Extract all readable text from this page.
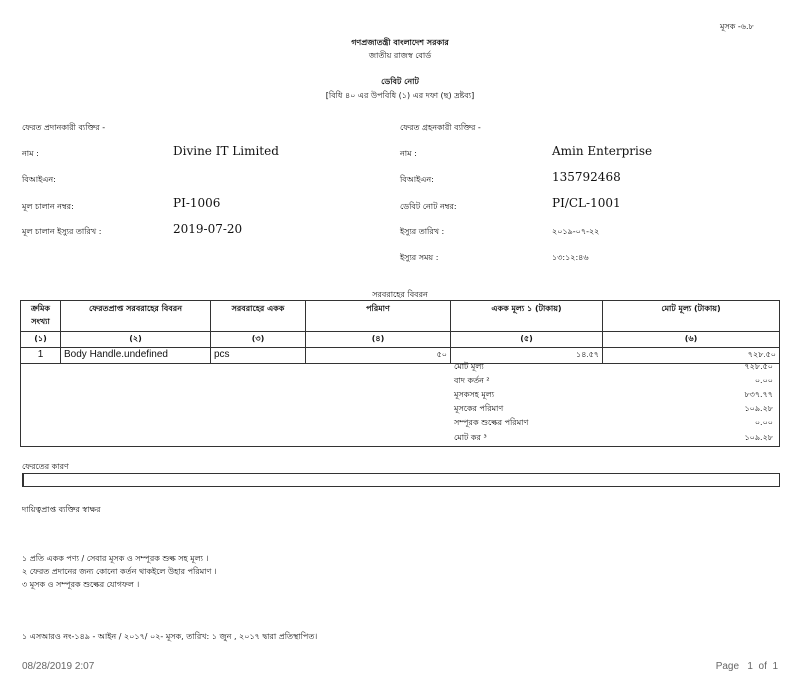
মূসক -৬.৮
গণপ্রজাতন্ত্রী বাংলাদেশ সরকার
জাতীয় রাজস্ব বোর্ড
ডেবিট নোট
[বিধি ৪০ এর উপবিধি (১) এর দফা (ছ) দ্রষ্টব্য]
ফেরত প্রদানকারী ব্যক্তির -
নাম :	Divine IT Limited
বিআইএন:
মূল চালান নম্বর:	PI-1006
মূল চালান ইস্যুর তারিখ :	2019-07-20
ফেরত গ্রহনকারী ব্যক্তির -
নাম :	Amin Enterprise
বিআইএন:	135792468
ডেবিট নোট নম্বর:	PI/CL-1001
ইস্যুর তারিখ :	২০১৯-০৭-২২
ইস্যুর সময় :	১৩:১২:৪৬
সরবরাহের বিবরন
ক্রমিক সংখ্যা	ফেরতপ্রাপ্ত সরবরাহের বিবরন	সরবরাহের একক	পরিমাণ	একক মূল্য ১ (টাকায়)	মোট মূল্য (টাকায়)
(১)	(২)	(৩)	(৪)	(৫)	(৬)
1	Body Handle.undefined	pcs	৫০	১৪.৫৭	৭২৮.৫০
মোট মূল্য	৭২৮.৫০
বাদ কর্তন ²	০.০০
মূসকসহ মূল্য	৮৩৭.৭৭
মূসকের পরিমাণ	১০৯.২৮
সম্পূরক শুল্কের পরিমাণ	০.০০
মোট কর ³	১০৯.২৮
ফেরতের কারণ
দায়িত্বপ্রাপ্ত ব্যক্তির স্বাক্ষর
১ প্রতি একক পণ্য / সেবার মূসক ও সম্পূরক শুল্ক সহ মূল্য ।
২ ফেরত প্রদানের জন্য কোনো কর্তন থাকইলে উহার পরিমাণ ।
৩ মূসক ও সম্পূরক শুল্কের যোগফল ।
১ এসআরও নং-১৪৯ - আইন / ২০১৭/ ০২- মূসক, তারিখ: ১ জুন , ২০১৭ দ্বারা প্রতিস্থাপিত।
08/28/2019 2:07	Page 1 of 1
